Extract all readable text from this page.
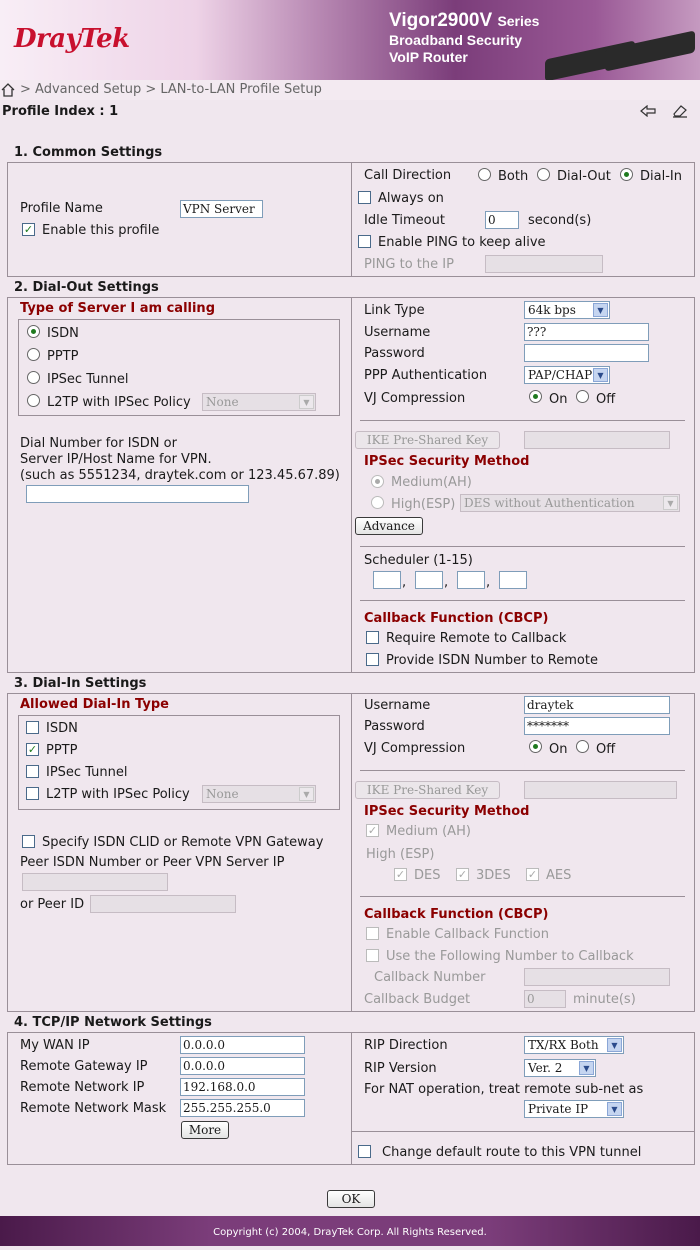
DrayTek
Vigor2900V Series
Broadband Security
VoIP Router
> Advanced Setup > LAN-to-LAN Profile Setup
Profile Index : 1
1. Common Settings
Profile Name	VPN Server
✓ Enable this profile
Call Direction	Both Dial-Out Dial-In
Always on
Idle Timeout	0	second(s)
Enable PING to keep alive
PING to the IP
2. Dial-Out Settings
Type of Server I am calling
ISDN
PPTP
IPSec Tunnel
L2TP with IPSec Policy	None	▼
Dial Number for ISDN or
Server IP/Host Name for VPN.
(such as 5551234, draytek.com or 123.45.67.89)
Link Type	64k bps	▼
Username	???
Password
PPP Authentication	PAP/CHAP ▼
VJ Compression	On Off
IKE Pre-Shared Key
IPSec Security Method
Medium(AH)
High(ESP) DES without Authentication	▼
Advance
Scheduler (1-15)
,	,	,
Callback Function (CBCP)
Require Remote to Callback
Provide ISDN Number to Remote
3. Dial-In Settings
Allowed Dial-In Type
ISDN
✓ PPTP
IPSec Tunnel
L2TP with IPSec Policy	None	▼
Specify ISDN CLID or Remote VPN Gateway
Peer ISDN Number or Peer VPN Server IP
or Peer ID
Username	draytek
Password	*******
VJ Compression	On Off
IKE Pre-Shared Key
IPSec Security Method
✓ Medium (AH)
High (ESP)
✓ DES ✓ 3DES ✓ AES
Callback Function (CBCP)
Enable Callback Function
Use the Following Number to Callback
Callback Number
Callback Budget	0	minute(s)
4. TCP/IP Network Settings
My WAN IP	0.0.0.0
Remote Gateway IP	0.0.0.0
Remote Network IP	192.168.0.0
Remote Network Mask 255.255.255.0
More
RIP Direction	TX/RX Both	▼
RIP Version	Ver. 2	▼
For NAT operation, treat remote sub-net as
Private IP	▼
Change default route to this VPN tunnel
OK
Copyright (c) 2004, DrayTek Corp. All Rights Reserved.
